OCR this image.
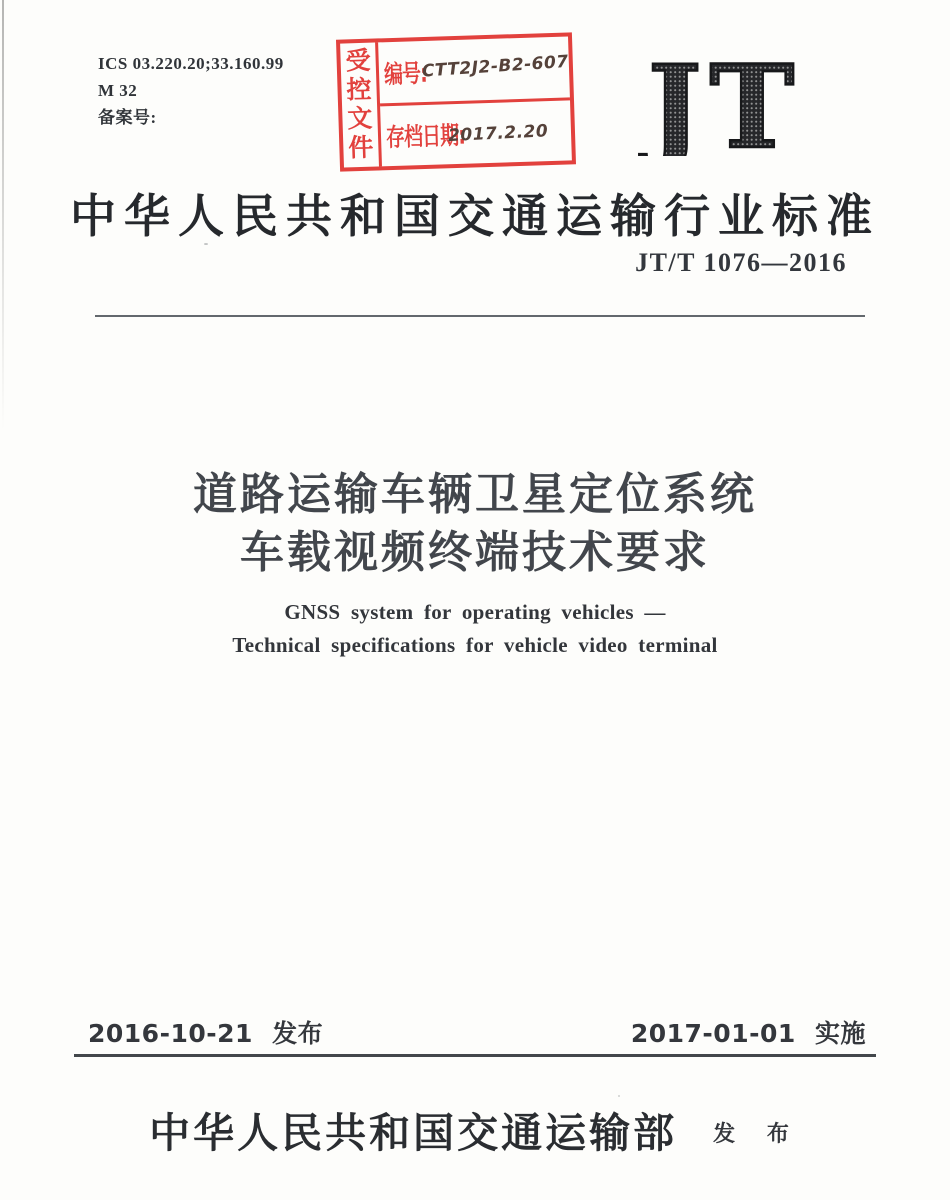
ICS 03.220.20;33.160.99
M 32
备案号:
受
控
文
件
编号:
CTT2J2-B2-607
存档日期:
2017.2.20 JT
中华人民共和国交通运输行业标准
JT/T 1076—2016
道路运输车辆卫星定位系统
车载视频终端技术要求
GNSS system for operating vehicles —
Technical specifications for vehicle video terminal
2016-10-21 发布	2017-01-01 实施
中华人民共和国交通运输部 发 布
